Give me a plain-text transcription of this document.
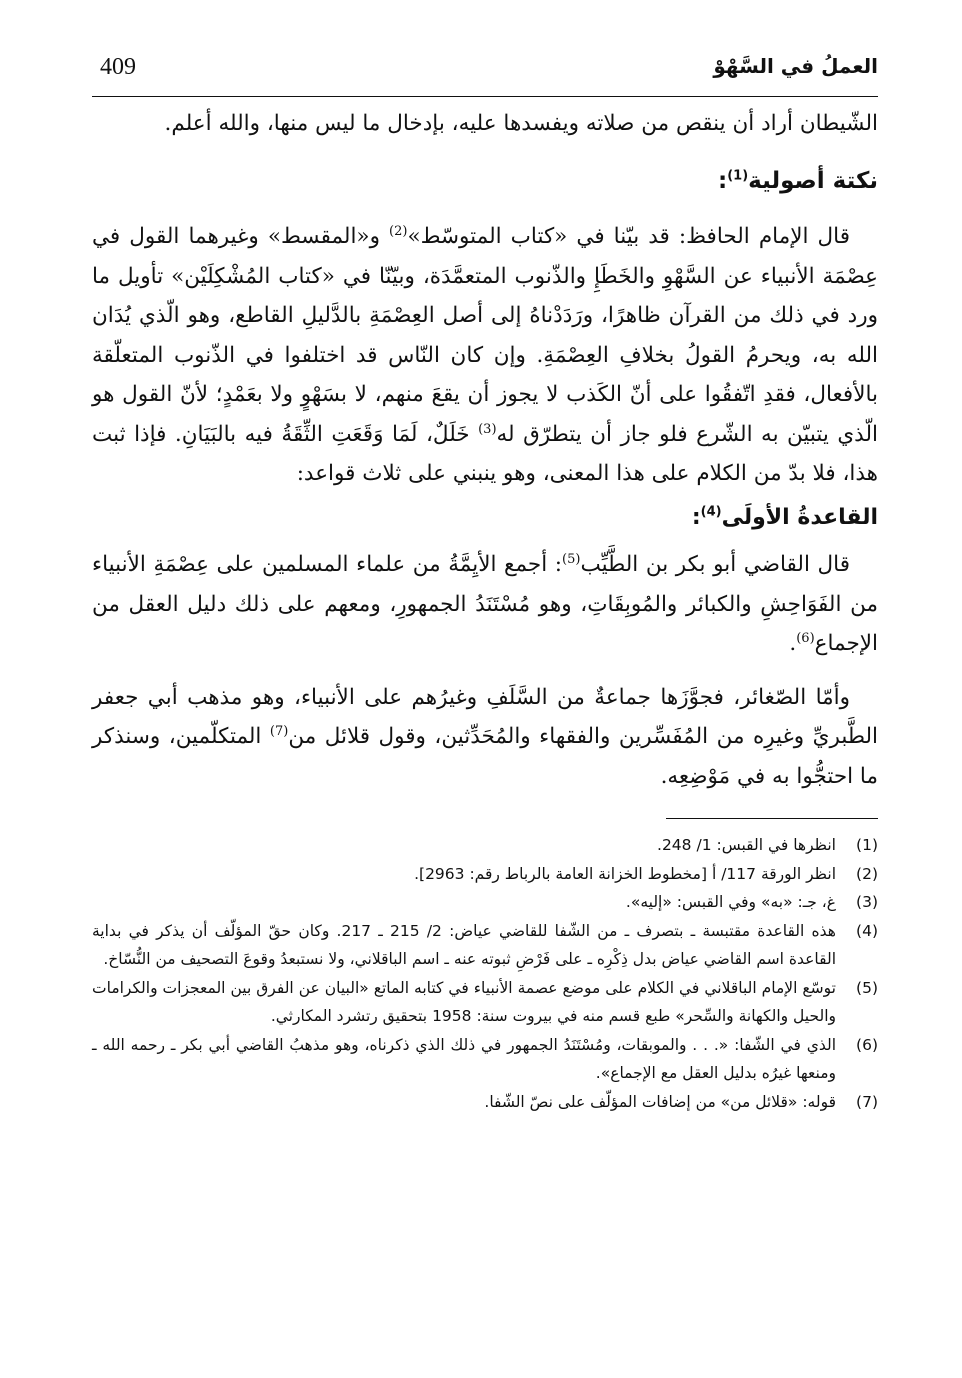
العملُ في السَّهْوْ
409

الشّيطان أراد أن ينقص من صلاته ويفسدها عليه، بإدخال ما ليس منها، والله أعلم.

نكتة أصولية$^{(1)}$:

قال الإمام الحافظ: قد بيّنا في «كتاب المتوسّط»$^{(2)}$ و«المقسط» وغيرهما القول في عِصْمَة الأنبياء عن السَّهْوِ والخَطَإِ والذّنوب المتعمَّدَة، وبيّنّا في «كتاب المُشْكِلَيْن» تأويل ما ورد في ذلك من القرآن ظاهرًا، ورَدَدْناهُ إلى أصل العِصْمَةِ بالدَّليلِ القاطع، وهو الّذي يُدَان الله به، ويحرمُ القولُ بخلافِ العِصْمَةِ. وإن كان النّاس قد اختلفوا في الذّنوب المتعلّقة بالأفعال، فقدِ اتّفقُوا على أنّ الكَذب لا يجوز أن يقعَ منهم، لا بسَهْوٍ ولا بعَمْدٍ؛ لأنّ القول هو الّذي يتبيّن به الشّرع فلو جاز أن يتطرّق له$^{(3)}$ خَلَلٌ، لَمَا وَقَعَتِ الثِّقَةُ فيه بالبَيَانِ. فإذا ثبت هذا، فلا بدّ من الكلام على هذا المعنى، وهو ينبني على ثلاث قواعد:

القاعدةُ الأولَى$^{(4)}$:

قال القاضي أبو بكر بن الطَّيِّب$^{(5)}$: أجمع الأيِمَّةُ من علماء المسلمين على عِصْمَةِ الأنبياء من الفَوَاحِشِ والكبائر والمُوبِقَاتِ، وهو مُسْتَنَدُ الجمهورِ، ومعهم على ذلك دليل العقل من الإجماع$^{(6)}$.

وأمّا الصّغائر، فجوَّزَها جماعةٌ من السَّلَفِ وغيرُهم على الأنبياء، وهو مذهب أبي جعفر الطَّبريِّ وغيرِه من المُفَسِّرين والفقهاء والمُحَدِّثين، وقول قلائل من$^{(7)}$ المتكلّمين، وسنذكر ما احتجُّوا به في مَوْضِعِه.

(1)
انظرها في القبس: 1/ 248.
(2)
انظر الورقة 117/ أ [مخطوط الخزانة العامة بالرباط رقم: 2963].
(3)
غ، جـ: «به» وفي القبس: «إليه».
(4)
هذه القاعدة مقتبسة ـ بتصرف ـ من الشّفا للقاضي عياض: 2/ 215 ـ 217. وكان حقّ المؤلّف أن يذكر في بداية القاعدة اسم القاضي عياض بدل ذِكْرِه ـ على فَرْضِ ثبوته عنه ـ اسم الباقلاني، ولا نستبعدُ وقوعَ التصحيف من النُّسّاخ.
(5)
توسّع الإمام الباقلاني في الكلام على موضع عصمة الأنبياء في كتابه الماتع «البيان عن الفرق بين المعجزات والكرامات والحيل والكهانة والسِّحر» طبع قسم منه في بيروت سنة: 1958 بتحقيق رتشرد المكارثي.
(6)
الذي في الشّفا: «. . . والموبقات، ومُسْتَنَدُ الجمهور في ذلك الذي ذكرناه، وهو مذهبُ القاضي أبي بكر ـ رحمه الله ـ ومنعها غيرُه بدليل العقل مع الإجماع».
(7)
قوله: «قلائل من» من إضافات المؤلّف على نصّ الشّفا.
